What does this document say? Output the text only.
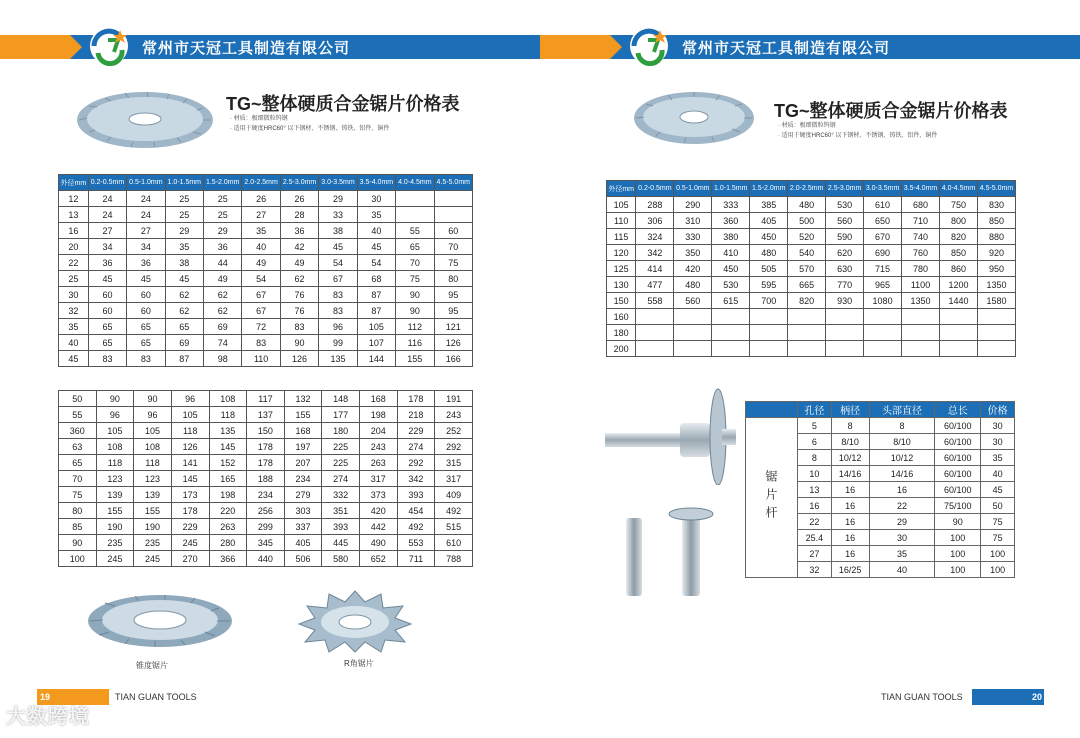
常州市天冠工具制造有限公司
TG~整体硬质合金锯片价格表
· 材质：极细微粒钨钢
· 适用于硬度HRC60° 以下钢材、不锈钢、铸铁、铝件、铜件
外径mm	0.2-0.5mm	0.5-1.0mm	1.0-1.5mm	1.5-2.0mm	2.0-2.5mm	2.5-3.0mm	3.0-3.5mm	3.5-4.0mm	4.0-4.5mm	4.5-5.0mm
12	24	24	25	25	26	26	29	30		
13	24	24	25	25	27	28	33	35		
16	27	27	29	29	35	36	38	40	55	60
20	34	34	35	36	40	42	45	45	65	70
22	36	36	38	44	49	49	54	54	70	75
25	45	45	45	49	54	62	67	68	75	80
30	60	60	62	62	67	76	83	87	90	95
32	60	60	62	62	67	76	83	87	90	95
35	65	65	65	69	72	83	96	105	112	121
40	65	65	69	74	83	90	99	107	116	126
45	83	83	87	98	110	126	135	144	155	166
50	90	90	96	108	117	132	148	168	178	191
55	96	96	105	118	137	155	177	198	218	243
360	105	105	118	135	150	168	180	204	229	252
63	108	108	126	145	178	197	225	243	274	292
65	118	118	141	152	178	207	225	263	292	315
70	123	123	145	165	188	234	274	317	342	317
75	139	139	173	198	234	279	332	373	393	409
80	155	155	178	220	256	303	351	420	454	492
85	190	190	229	263	299	337	393	442	492	515
90	235	235	245	280	345	405	445	490	553	610
100	245	245	270	366	440	506	580	652	711	788
锥度锯片	R角锯片
19	TIAN GUAN TOOLS
大数跨境
常州市天冠工具制造有限公司
TG~整体硬质合金锯片价格表
· 材质：极细微粒钨钢
· 适用于硬度HRC60° 以下钢材、不锈钢、铸铁、铝件、铜件
外径mm	0.2-0.5mm	0.5-1.0mm	1.0-1.5mm	1.5-2.0mm	2.0-2.5mm	2.5-3.0mm	3.0-3.5mm	3.5-4.0mm	4.0-4.5mm	4.5-5.0mm
105	288	290	333	385	480	530	610	680	750	830
110	306	310	360	405	500	560	650	710	800	850
115	324	330	380	450	520	590	670	740	820	880
120	342	350	410	480	540	620	690	760	850	920
125	414	420	450	505	570	630	715	780	860	950
130	477	480	530	595	665	770	965	1100	1200	1350
150	558	560	615	700	820	930	1080	1350	1440	1580
160										
180										
200										
	孔径	柄径	头部直径	总长	价格
锯片杆	5	8	8	60/100	30
	6	8/10	8/10	60/100	30
	8	10/12	10/12	60/100	35
	10	14/16	14/16	60/100	40
	13	16	16	60/100	45
	16	16	22	75/100	50
	22	16	29	90	75
	25.4	16	30	100	75
	27	16	35	100	100
	32	16/25	40	100	100
TIAN GUAN TOOLS	20
